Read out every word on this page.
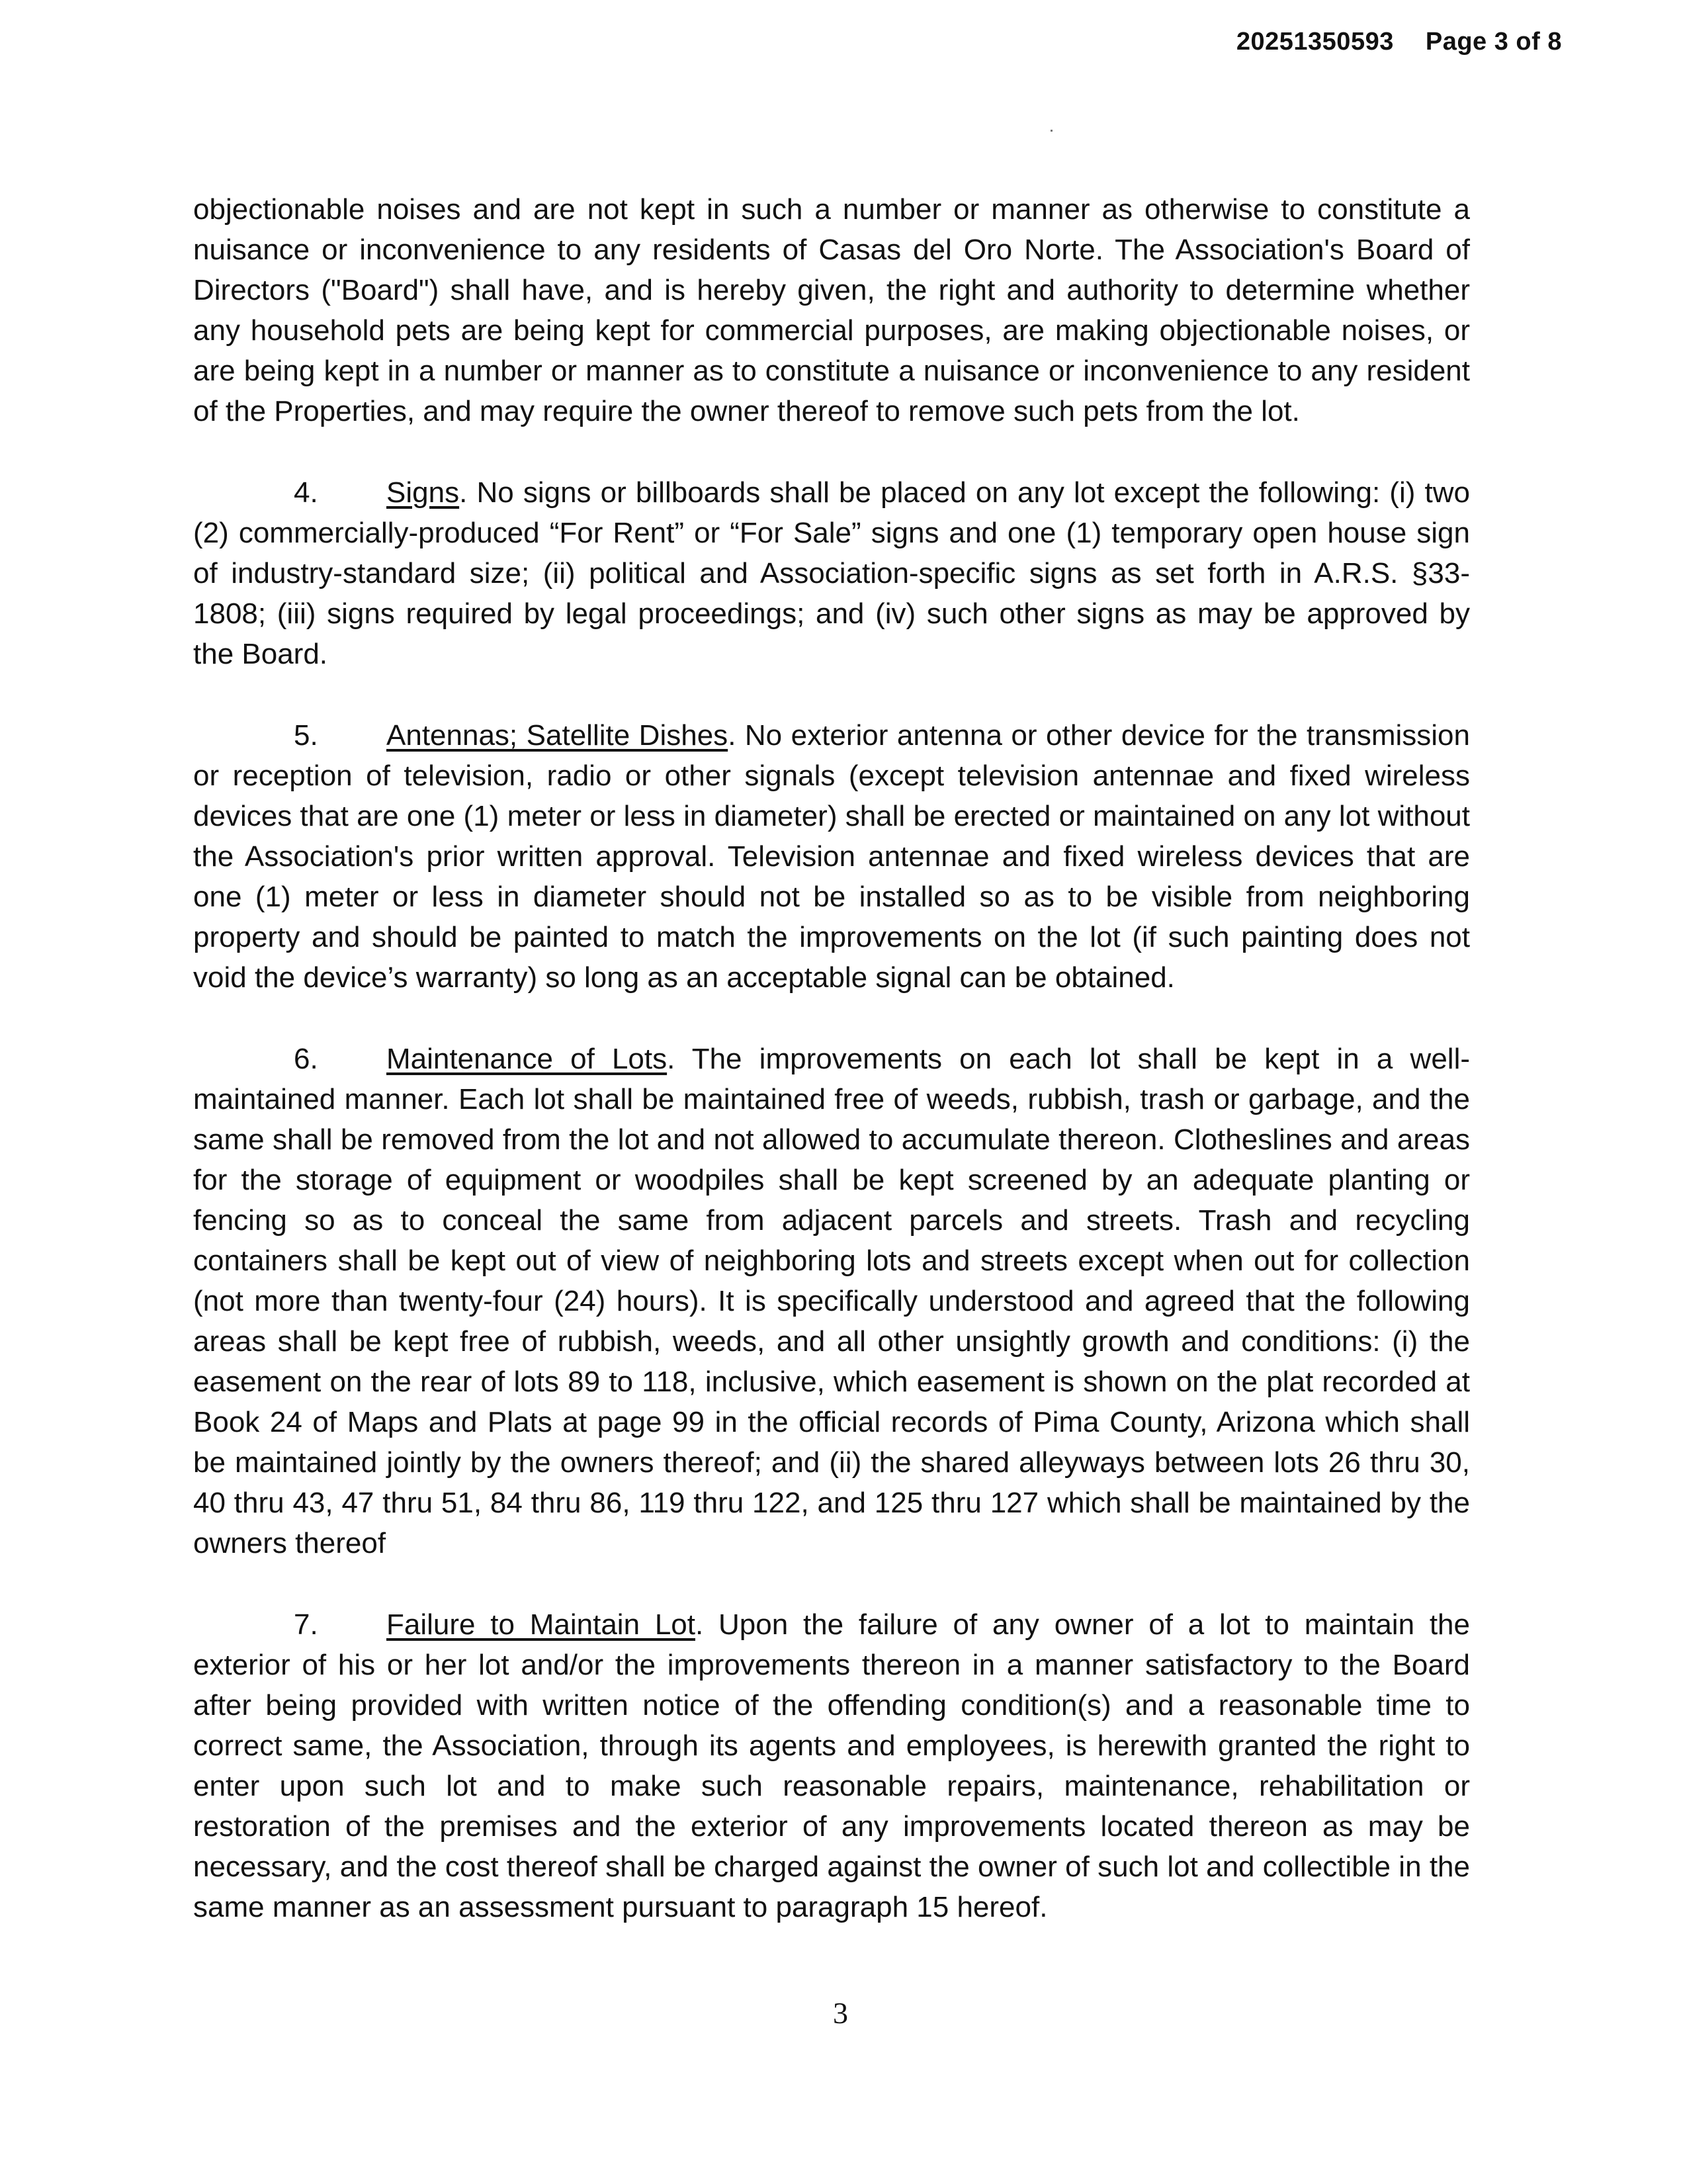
20251350593 Page 3 of 8

objectionable noises and are not kept in such a number or manner as otherwise to constitute a nuisance or inconvenience to any residents of Casas del Oro Norte. The Association's Board of Directors ("Board") shall have, and is hereby given, the right and authority to determine whether any household pets are being kept for commercial purposes, are making objectionable noises, or are being kept in a number or manner as to constitute a nuisance or inconvenience to any resident of the Properties, and may require the owner thereof to remove such pets from the lot.

4. Signs. No signs or billboards shall be placed on any lot except the following: (i) two (2) commercially-produced “For Rent” or “For Sale” signs and one (1) temporary open house sign of industry-standard size; (ii) political and Association-specific signs as set forth in A.R.S. §33-1808; (iii) signs required by legal proceedings; and (iv) such other signs as may be approved by the Board.

5. Antennas; Satellite Dishes. No exterior antenna or other device for the transmission or reception of television, radio or other signals (except television antennae and fixed wireless devices that are one (1) meter or less in diameter) shall be erected or maintained on any lot without the Association's prior written approval. Television antennae and fixed wireless devices that are one (1) meter or less in diameter should not be installed so as to be visible from neighboring property and should be painted to match the improvements on the lot (if such painting does not void the device’s warranty) so long as an acceptable signal can be obtained.

6. Maintenance of Lots. The improvements on each lot shall be kept in a well-maintained manner. Each lot shall be maintained free of weeds, rubbish, trash or garbage, and the same shall be removed from the lot and not allowed to accumulate thereon. Clotheslines and areas for the storage of equipment or woodpiles shall be kept screened by an adequate planting or fencing so as to conceal the same from adjacent parcels and streets. Trash and recycling containers shall be kept out of view of neighboring lots and streets except when out for collection (not more than twenty-four (24) hours). It is specifically understood and agreed that the following areas shall be kept free of rubbish, weeds, and all other unsightly growth and conditions: (i) the easement on the rear of lots 89 to 118, inclusive, which easement is shown on the plat recorded at Book 24 of Maps and Plats at page 99 in the official records of Pima County, Arizona which shall be maintained jointly by the owners thereof; and (ii) the shared alleyways between lots 26 thru 30, 40 thru 43, 47 thru 51, 84 thru 86, 119 thru 122, and 125 thru 127 which shall be maintained by the owners thereof

7. Failure to Maintain Lot. Upon the failure of any owner of a lot to maintain the exterior of his or her lot and/or the improvements thereon in a manner satisfactory to the Board after being provided with written notice of the offending condition(s) and a reasonable time to correct same, the Association, through its agents and employees, is herewith granted the right to enter upon such lot and to make such reasonable repairs, maintenance, rehabilitation or restoration of the premises and the exterior of any improvements located thereon as may be necessary, and the cost thereof shall be charged against the owner of such lot and collectible in the same manner as an assessment pursuant to paragraph 15 hereof.

3
